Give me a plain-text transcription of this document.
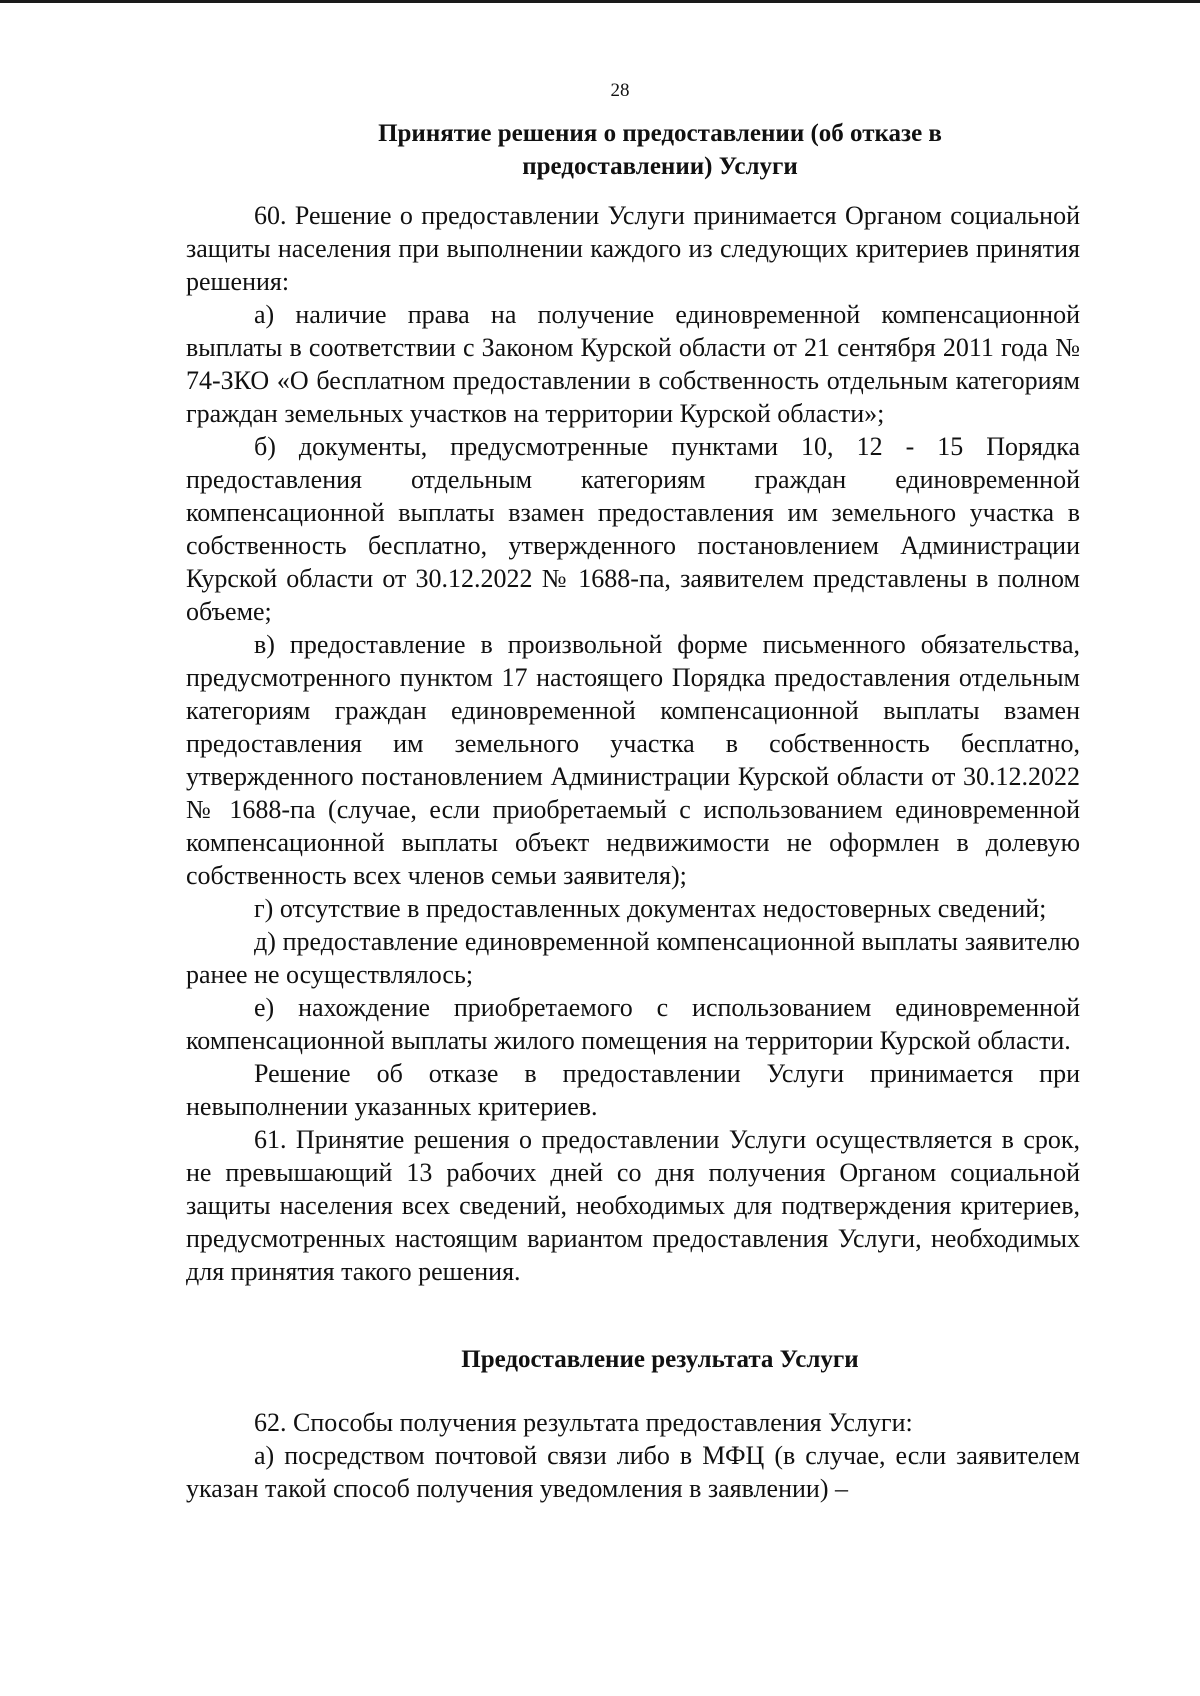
28
Принятие решения о предоставлении (об отказе в предоставлении) Услуги

60. Решение о предоставлении Услуги принимается Органом социальной защиты населения при выполнении каждого из следующих критериев принятия решения:

а) наличие права на получение единовременной компенсационной выплаты в соответствии с Законом Курской области от 21 сентября 2011 года № 74-ЗКО «О бесплатном предоставлении в собственность отдельным категориям граждан земельных участков на территории Курской области»;

б) документы, предусмотренные пунктами 10, 12 - 15 Порядка предоставления отдельным категориям граждан единовременной компенсационной выплаты взамен предоставления им земельного участка в собственность бесплатно, утвержденного постановлением Администрации Курской области от 30.12.2022 № 1688-па, заявителем представлены в полном объеме;

в) предоставление в произвольной форме письменного обязательства, предусмотренного пунктом 17 настоящего Порядка предоставления отдельным категориям граждан единовременной компенсационной выплаты взамен предоставления им земельного участка в собственность бесплатно, утвержденного постановлением Администрации Курской области от 30.12.2022 № 1688-па (случае, если приобретаемый с использованием единовременной компенсационной выплаты объект недвижимости не оформлен в долевую собственность всех членов семьи заявителя);

г) отсутствие в предоставленных документах недостоверных сведений;

д) предоставление единовременной компенсационной выплаты заявителю ранее не осуществлялось;

е) нахождение приобретаемого с использованием единовременной компенсационной выплаты жилого помещения на территории Курской области.

Решение об отказе в предоставлении Услуги принимается при невыполнении указанных критериев.

61. Принятие решения о предоставлении Услуги осуществляется в срок, не превышающий 13 рабочих дней со дня получения Органом социальной защиты населения всех сведений, необходимых для подтверждения критериев, предусмотренных настоящим вариантом предоставления Услуги, необходимых для принятия такого решения.

Предоставление результата Услуги

62. Способы получения результата предоставления Услуги:

а) посредством почтовой связи либо в МФЦ (в случае, если заявителем указан такой способ получения уведомления в заявлении) –
